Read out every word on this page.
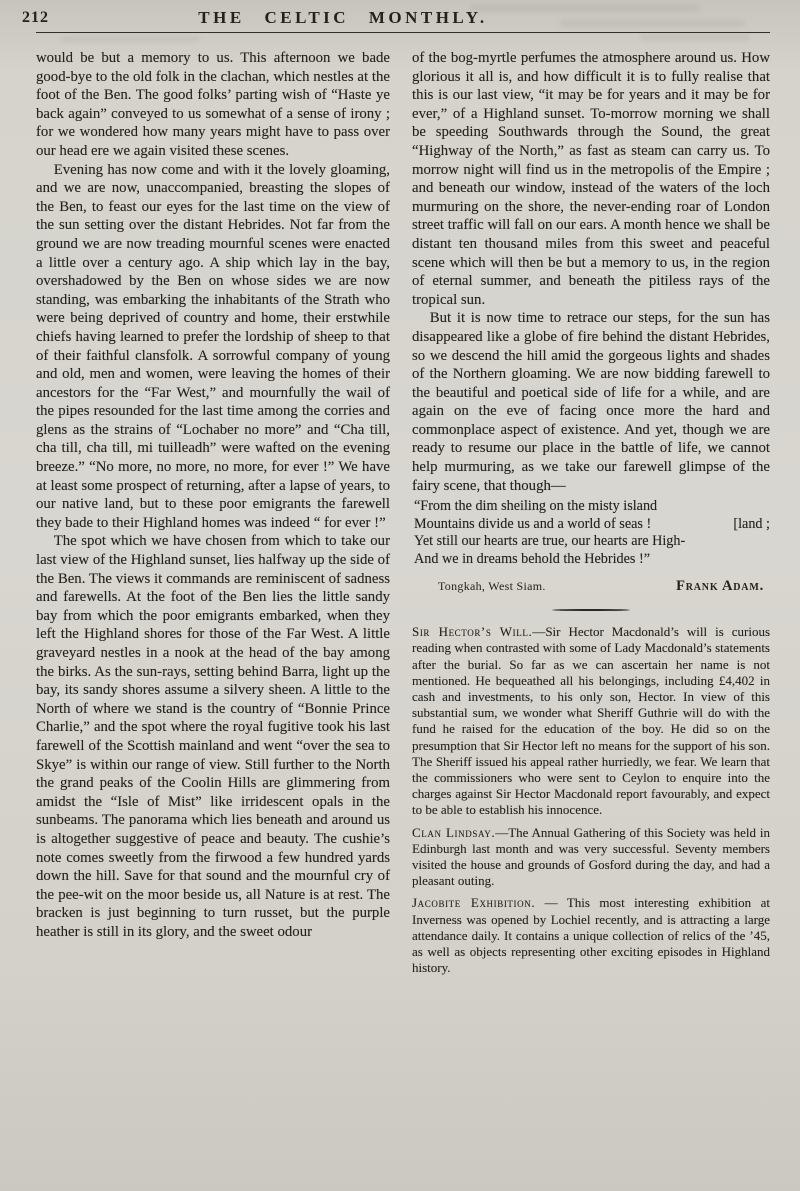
212	THE CELTIC MONTHLY.

would be but a memory to us. This afternoon we bade good-bye to the old folk in the clachan, which nestles at the foot of the Ben. The good folks’ parting wish of “Haste ye back again” conveyed to us somewhat of a sense of irony ; for we wondered how many years might have to pass over our head ere we again visited these scenes.

Evening has now come and with it the lovely gloaming, and we are now, unaccompanied, breasting the slopes of the Ben, to feast our eyes for the last time on the view of the sun setting over the distant Hebrides. Not far from the ground we are now treading mournful scenes were enacted a little over a century ago. A ship which lay in the bay, overshadowed by the Ben on whose sides we are now standing, was embarking the inhabitants of the Strath who were being deprived of country and home, their erstwhile chiefs having learned to prefer the lordship of sheep to that of their faithful clansfolk. A sorrowful company of young and old, men and women, were leaving the homes of their ancestors for the “Far West,” and mournfully the wail of the pipes resounded for the last time among the corries and glens as the strains of “Lochaber no more” and “Cha till, cha till, cha till, mi tuilleadh” were wafted on the evening breeze.” “No more, no more, no more, for ever !” We have at least some prospect of returning, after a lapse of years, to our native land, but to these poor emigrants the farewell they bade to their Highland homes was indeed “ for ever !”

The spot which we have chosen from which to take our last view of the Highland sunset, lies halfway up the side of the Ben. The views it commands are reminiscent of sadness and farewells. At the foot of the Ben lies the little sandy bay from which the poor emigrants embarked, when they left the Highland shores for those of the Far West. A little graveyard nestles in a nook at the head of the bay among the birks. As the sun-rays, setting behind Barra, light up the bay, its sandy shores assume a silvery sheen. A little to the North of where we stand is the country of “Bonnie Prince Charlie,” and the spot where the royal fugitive took his last farewell of the Scottish mainland and went “over the sea to Skye” is within our range of view. Still further to the North the grand peaks of the Coolin Hills are glimmering from amidst the “Isle of Mist” like irridescent opals in the sunbeams. The panorama which lies beneath and around us is altogether suggestive of peace and beauty. The cushie’s note comes sweetly from the firwood a few hundred yards down the hill. Save for that sound and the mournful cry of the pee-wit on the moor beside us, all Nature is at rest. The bracken is just beginning to turn russet, but the purple heather is still in its glory, and the sweet odour

of the bog-myrtle perfumes the atmosphere around us. How glorious it all is, and how difficult it is to fully realise that this is our last view, “it may be for years and it may be for ever,” of a Highland sunset. To-morrow morning we shall be speeding Southwards through the Sound, the great “Highway of the North,” as fast as steam can carry us. To morrow night will find us in the metropolis of the Empire ; and beneath our window, instead of the waters of the loch murmuring on the shore, the never-ending roar of London street traffic will fall on our ears. A month hence we shall be distant ten thousand miles from this sweet and peaceful scene which will then be but a memory to us, in the region of eternal summer, and beneath the pitiless rays of the tropical sun.

But it is now time to retrace our steps, for the sun has disappeared like a globe of fire behind the distant Hebrides, so we descend the hill amid the gorgeous lights and shades of the Northern gloaming. We are now bidding farewell to the beautiful and poetical side of life for a while, and are again on the eve of facing once more the hard and commonplace aspect of existence. And yet, though we are ready to resume our place in the battle of life, we cannot help murmuring, as we take our farewell glimpse of the fairy scene, that though—

“From the dim sheiling on the misty island
Mountains divide us and a world of seas !	[land ;
Yet still our hearts are true, our hearts are High-
And we in dreams behold the Hebrides !”
Tongkah, West Siam.	Frank Adam.

Sir Hector’s Will.—Sir Hector Macdonald’s will is curious reading when contrasted with some of Lady Macdonald’s statements after the burial. So far as we can ascertain her name is not mentioned. He bequeathed all his belongings, including £4,402 in cash and investments, to his only son, Hector. In view of this substantial sum, we wonder what Sheriff Guthrie will do with the fund he raised for the education of the boy. He did so on the presumption that Sir Hector left no means for the support of his son. The Sheriff issued his appeal rather hurriedly, we fear. We learn that the commissioners who were sent to Ceylon to enquire into the charges against Sir Hector Macdonald report favourably, and expect to be able to establish his innocence.

Clan Lindsay.—The Annual Gathering of this Society was held in Edinburgh last month and was very successful. Seventy members visited the house and grounds of Gosford during the day, and had a pleasant outing.

Jacobite Exhibition. — This most interesting exhibition at Inverness was opened by Lochiel recently, and is attracting a large attendance daily. It contains a unique collection of relics of the ’45, as well as objects representing other exciting episodes in Highland history.
